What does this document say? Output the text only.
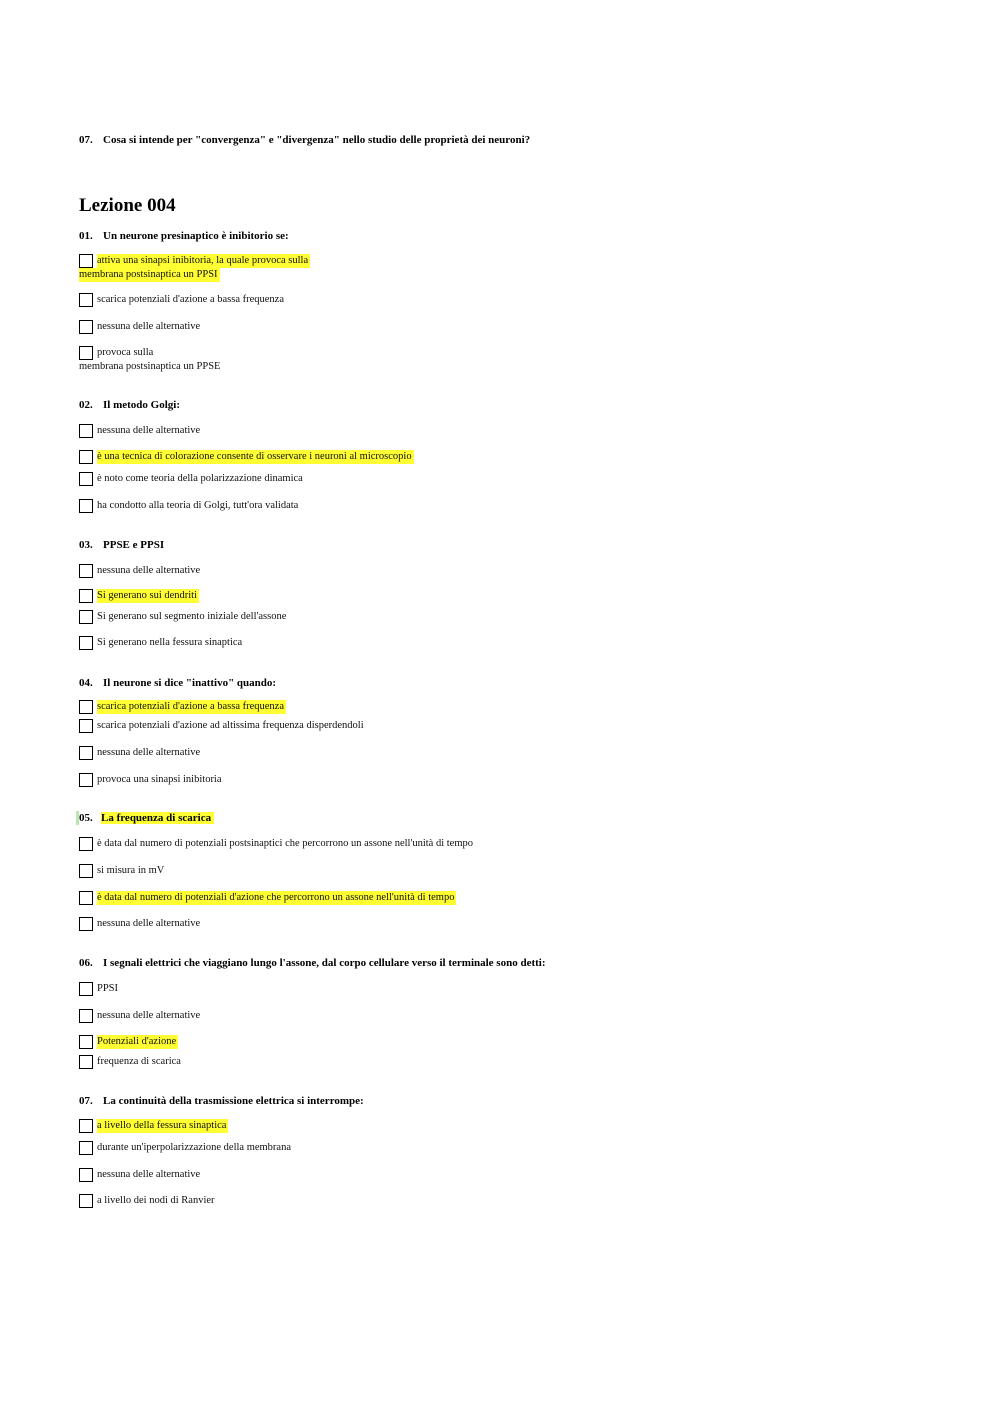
07. Cosa si intende per "convergenza" e "divergenza" nello studio delle proprietà dei neuroni?
Lezione 004
01. Un neurone presinaptico è inibitorio se:
attiva una sinapsi inibitoria, la quale provoca sulla
membrana postsinaptica un PPSI
scarica potenziali d'azione a bassa frequenza
nessuna delle alternative
provoca sulla
membrana postsinaptica un PPSE
02. Il metodo Golgi:
nessuna delle alternative
è una tecnica di colorazione consente di osservare i neuroni al microscopio
è noto come teoria della polarizzazione dinamica
ha condotto alla teoria di Golgi, tutt'ora validata
03. PPSE e PPSI
nessuna delle alternative
Si generano sui dendriti
Si generano sul segmento iniziale dell'assone
Si generano nella fessura sinaptica
04. Il neurone si dice "inattivo" quando:
scarica potenziali d'azione a bassa frequenza
scarica potenziali d'azione ad altissima frequenza disperdendoli
nessuna delle alternative
provoca una sinapsi inibitoria
05. La frequenza di scarica
è data dal numero di potenziali postsinaptici che percorrono un assone nell'unità di tempo
si misura in mV
è data dal numero di potenziali d'azione che percorrono un assone nell'unità di tempo
nessuna delle alternative
06. I segnali elettrici che viaggiano lungo l'assone, dal corpo cellulare verso il terminale sono detti:
PPSI
nessuna delle alternative
Potenziali d'azione
frequenza di scarica
07. La continuità della trasmissione elettrica si interrompe:
a livello della fessura sinaptica
durante un'iperpolarizzazione della membrana
nessuna delle alternative
a livello dei nodi di Ranvier
